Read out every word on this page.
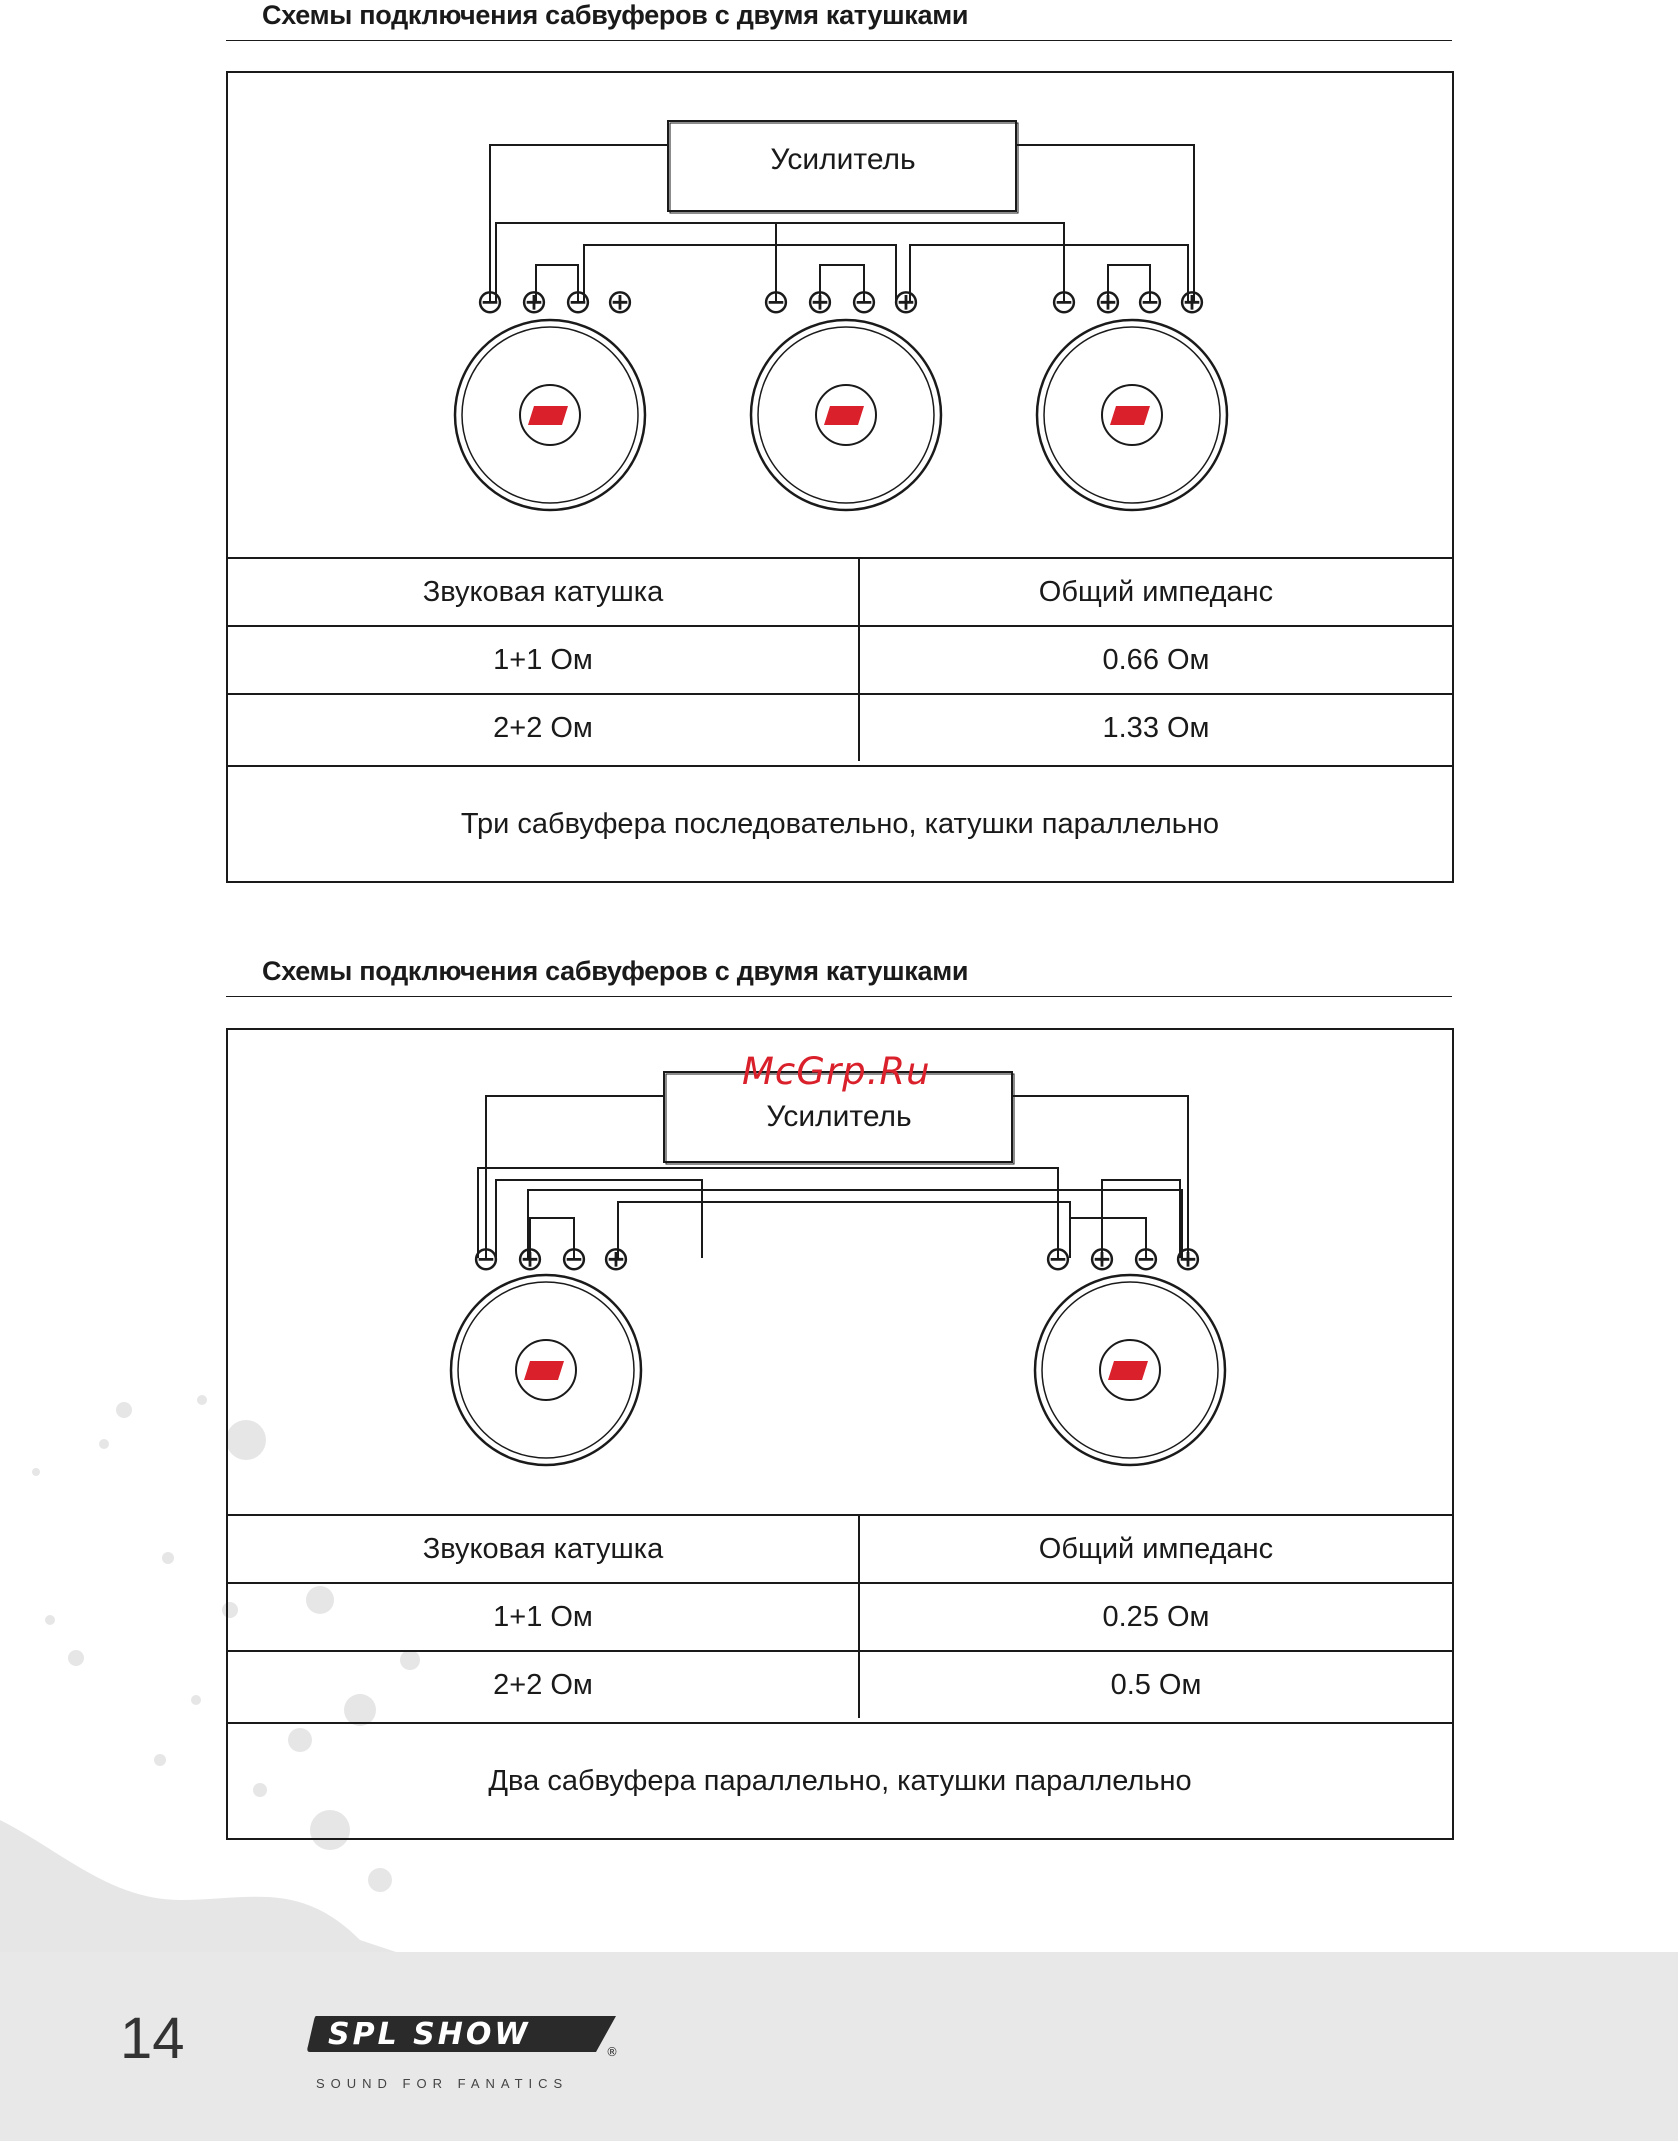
Схемы подключения сабвуферов с двумя катушками
⊖ ⊕ ⊖ ⊕	⊖ ⊕ ⊖ ⊕	⊖ ⊕ ⊖ ⊕
Усилитель
Звуковая катушка	Общий импеданс
1+1 Ом	0.66 Ом
2+2 Ом	1.33 Ом
Три сабвуфера последовательно, катушки параллельно
Схемы подключения сабвуферов с двумя катушками
⊖ ⊕ ⊖ ⊕	⊖ ⊕ ⊖ ⊕
Усилитель
Звуковая катушка	Общий импеданс
1+1 Ом	0.25 Ом
2+2 Ом	0.5 Ом
Два сабвуфера параллельно, катушки параллельно
McGrp.Ru
14	SPL SHOW	®
SOUND FOR FANATICS
